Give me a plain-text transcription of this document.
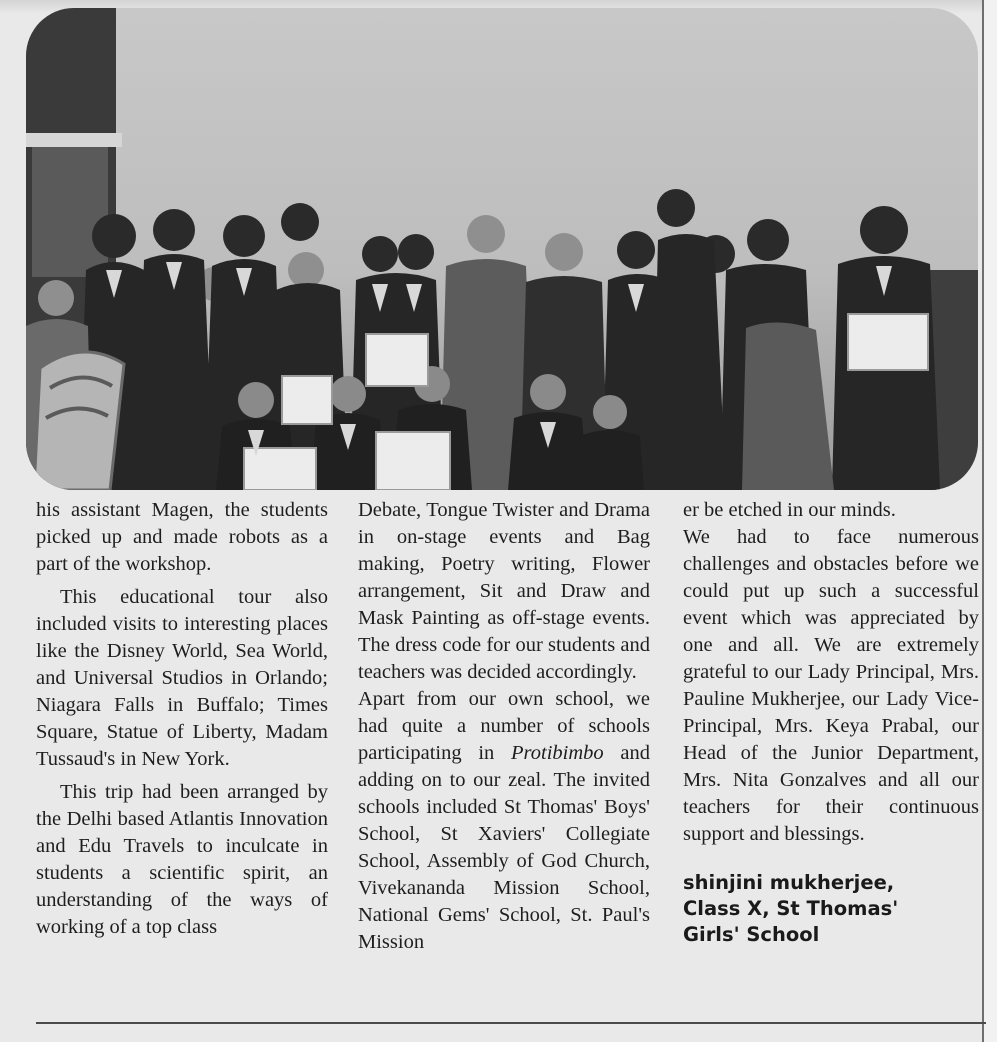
his assistant Magen, the students picked up and made robots as a part of the workshop.

This educational tour also included visits to interesting places like the Disney World, Sea World, and Universal Studios in Orlando; Niagara Falls in Buffalo; Times Square, Statue of Liberty, Madam Tussaud's in New York.

This trip had been arranged by the Delhi based Atlantis Innovation and Edu Travels to inculcate in students a scientific spirit, an understanding of the ways of working of a top class

Debate, Tongue Twister and Drama in on-stage events and Bag making, Poetry writing, Flower arrangement, Sit and Draw and Mask Painting as off-stage events. The dress code for our students and teachers was decided accordingly.

Apart from our own school, we had quite a number of schools participating in Protibimbo and adding on to our zeal. The invited schools included St Thomas' Boys' School, St Xaviers' Collegiate School, Assembly of God Church, Vivekananda Mission School, National Gems' School, St. Paul's Mission

er be etched in our minds.

We had to face numerous challenges and obstacles before we could put up such a successful event which was appreciated by one and all. We are extremely grateful to our Lady Principal, Mrs. Pauline Mukherjee, our Lady Vice-Principal, Mrs. Keya Prabal, our Head of the Junior Department, Mrs. Nita Gonzalves and all our teachers for their continuous support and blessings.

shinjini mukherjee,
Class X, St Thomas'
Girls' School
